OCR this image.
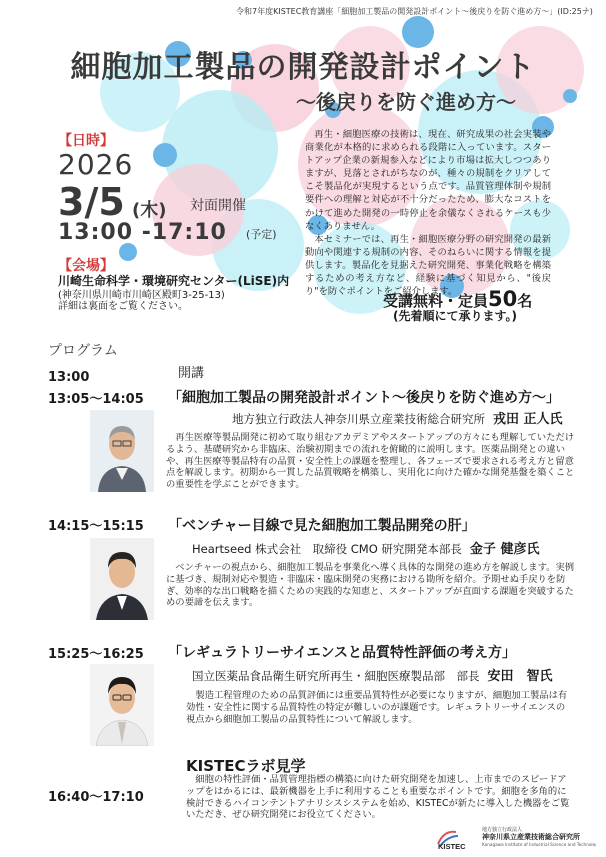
令和7年度KISTEC教育講座「細胞加工製品の開発設計ポイント～後戻りを防ぐ進め方～」(ID:25ナ)
細胞加工製品の開発設計ポイント
～後戻りを防ぐ進め方～
【日時】
2026
3/5 (木) 対面開催
13:00 -17:10 (予定)
【会場】
川崎生命科学・環境研究センター(LiSE)内
(神奈川県川崎市川崎区殿町3-25-13)
詳細は裏面をご覧ください。

再生・細胞医療の技術は、現在、研究成果の社会実装や商業化が本格的に求められる段階に入っています。スタートアップ企業の新規参入などにより市場は拡大しつつありますが、見落とされがちなのが、種々の規制をクリアしてこそ製品化が実現するという点です。品質管理体制や規制要件への理解と対応が不十分だったため、膨大なコストをかけて進めた開発の一時停止を余儀なくされるケースも少なくありません。

本セミナーでは、再生・細胞医療分野の研究開発の最新動向や関連する規制の内容、そのねらいに関する情報を提供します。製品化を見据えた研究開発、事業化戦略を構築するための考え方など、経験に基づく知見から、"後戻り"を防ぐポイントをご紹介します。

受講無料・定員50名
(先着順にて承ります。)
プログラム
13:00	開講
13:05～14:05 「細胞加工製品の開発設計ポイント～後戻りを防ぐ進め方～」
地方独立行政法人神奈川県立産業技術総合研究所 戎田 正人氏
再生医療等製品開発に初めて取り組むアカデミアやスタートアップの方々にも理解していただけるよう、基礎研究から非臨床、治験初期までの流れを俯瞰的に説明します。医薬品開発との違いや、再生医療等製品特有の品質・安全性上の課題を整理し、各フェーズで要求される考え方と留意点を解説します。初期から一貫した品質戦略を構築し、実用化に向けた確かな開発基盤を築くことの重要性を学ぶことができます。
14:15～15:15 「ベンチャー目線で見た細胞加工製品開発の肝」
Heartseed 株式会社　取締役 CMO 研究開発本部長 金子 健彦氏
ベンチャーの視点から、細胞加工製品を事業化へ導く具体的な開発の進め方を解説します。実例に基づき、規制対応や製造・非臨床・臨床開発の実務における勘所を紹介。予期せぬ手戻りを防ぎ、効率的な出口戦略を描くための実践的な知恵と、スタートアップが直面する課題を突破するための要諦を伝えます。
15:25～16:25 「レギュラトリーサイエンスと品質特性評価の考え方」
国立医薬品食品衛生研究所再生・細胞医療製品部　部長 安田　智氏
製造工程管理のための品質評価には重要品質特性が必要になりますが、細胞加工製品は有効性・安全性に関する品質特性の特定が難しいのが課題です。レギュラトリーサイエンスの視点から細胞加工製品の品質特性について解説します。
KISTECラボ見学
16:40～17:10
細胞の特性評価・品質管理指標の構築に向けた研究開発を加速し、上市までのスピードアップをはかるには、最新機器を上手に利用することも重要なポイントです。細胞を多角的に検討できるハイコンテントアナリシスシステムを始め、KISTECが新たに導入した機器をご覧いただき、ぜひ研究開発にお役立てください。
KISTEC
地方独立行政法人
神奈川県立産業技術総合研究所
Kanagawa Institute of Industrial Science and Technology
